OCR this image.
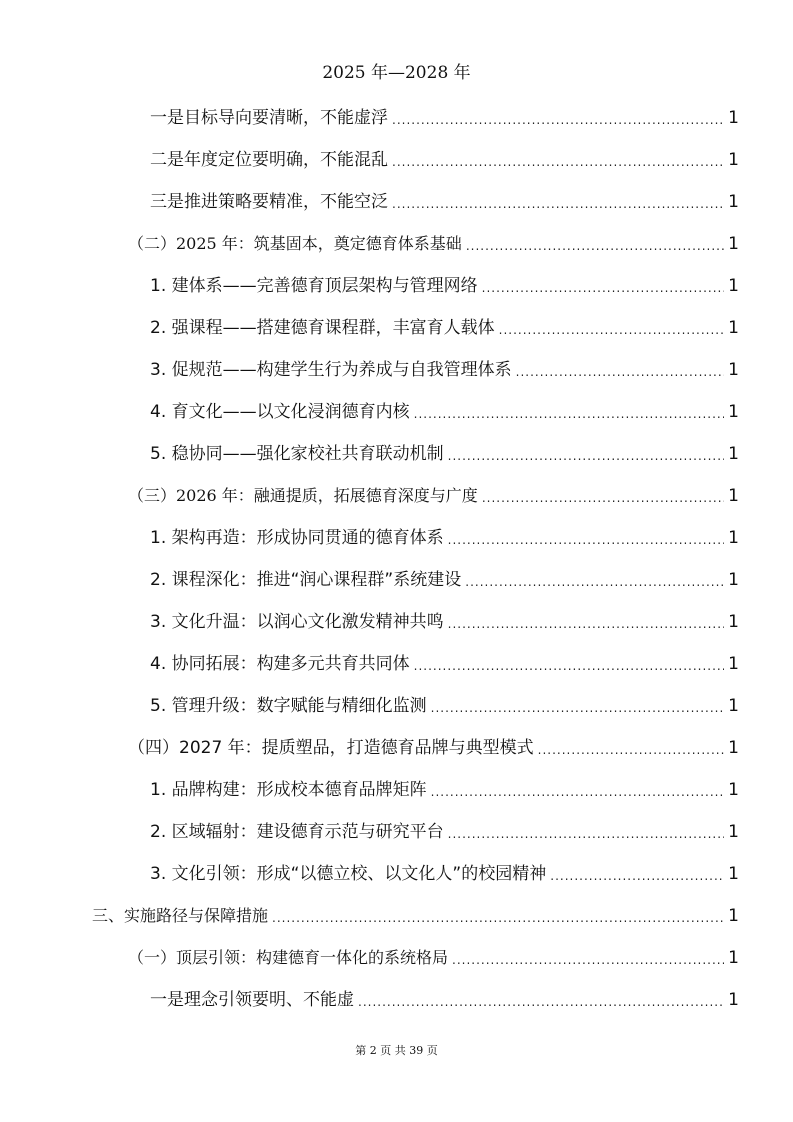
2025 年—2028 年
一是目标导向要清晰，不能虚浮 .....	1
二是年度定位要明确，不能混乱 .....	1
三是推进策略要精准，不能空泛 .....	1
（二）2025 年：筑基固本，奠定德育体系基础 .....	1
1. 建体系——完善德育顶层架构与管理网络 .....	1
2. 强课程——搭建德育课程群，丰富育人载体 .....	1
3. 促规范——构建学生行为养成与自我管理体系 .....	1
4. 育文化——以文化浸润德育内核 .....	1
5. 稳协同——强化家校社共育联动机制 .....	1
（三）2026 年：融通提质，拓展德育深度与广度 .....	1
1. 架构再造：形成协同贯通的德育体系 .....	1
2. 课程深化：推进“润心课程群”系统建设 .....	1
3. 文化升温：以润心文化激发精神共鸣 .....	1
4. 协同拓展：构建多元共育共同体 .....	1
5. 管理升级：数字赋能与精细化监测 .....	1
（四）2027 年：提质塑品，打造德育品牌与典型模式 .....	1
1. 品牌构建：形成校本德育品牌矩阵 .....	1
2. 区域辐射：建设德育示范与研究平台 .....	1
3. 文化引领：形成“以德立校、以文化人”的校园精神 .....	1
三、实施路径与保障措施 .....	1
（一）顶层引领：构建德育一体化的系统格局 .....	1
一是理念引领要明、不能虚 .....	1
第 2 页 共 39 页
